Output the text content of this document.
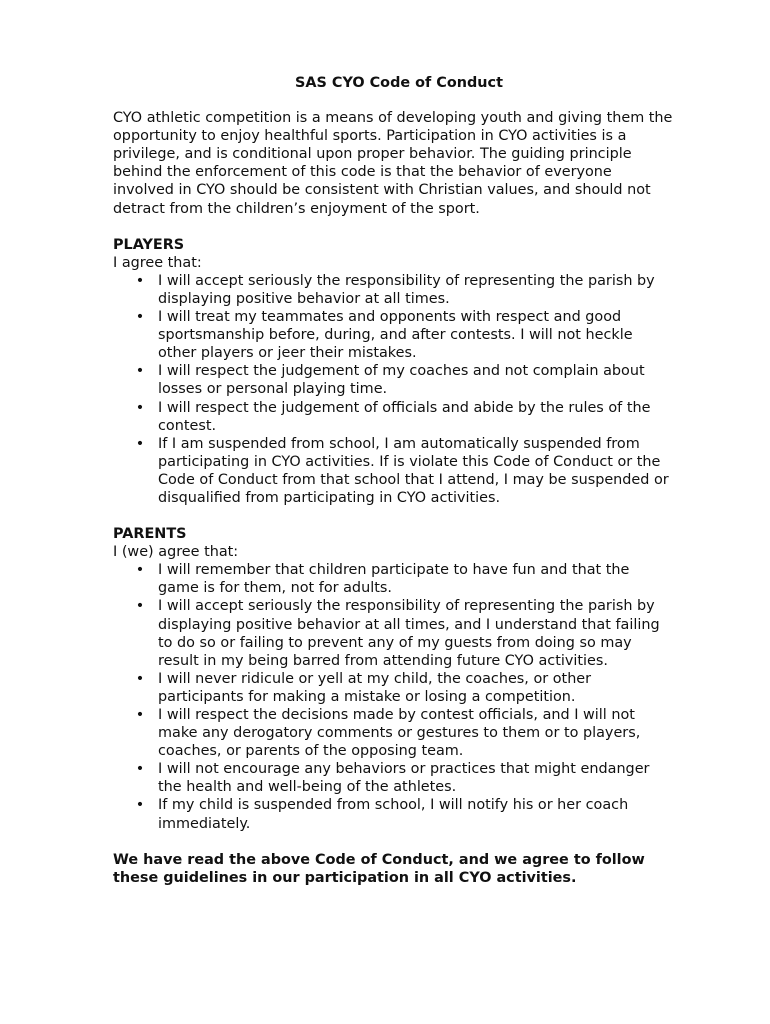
SAS CYO Code of Conduct

CYO athletic competition is a means of developing youth and giving them the opportunity to enjoy healthful sports. Participation in CYO activities is a privilege, and is conditional upon proper behavior. The guiding principle behind the enforcement of this code is that the behavior of everyone involved in CYO should be consistent with Christian values, and should not detract from the children’s enjoyment of the sport.

PLAYERS

I agree that:

• I will accept seriously the responsibility of representing the parish by displaying positive behavior at all times.
• I will treat my teammates and opponents with respect and good sportsmanship before, during, and after contests. I will not heckle other players or jeer their mistakes.
• I will respect the judgement of my coaches and not complain about losses or personal playing time.
• I will respect the judgement of officials and abide by the rules of the contest.
• If I am suspended from school, I am automatically suspended from participating in CYO activities. If is violate this Code of Conduct or the Code of Conduct from that school that I attend, I may be suspended or disqualified from participating in CYO activities.

PARENTS

I (we) agree that:

• I will remember that children participate to have fun and that the game is for them, not for adults.
• I will accept seriously the responsibility of representing the parish by displaying positive behavior at all times, and I understand that failing to do so or failing to prevent any of my guests from doing so may result in my being barred from attending future CYO activities.
• I will never ridicule or yell at my child, the coaches, or other participants for making a mistake or losing a competition.
• I will respect the decisions made by contest officials, and I will not make any derogatory comments or gestures to them or to players, coaches, or parents of the opposing team.
• I will not encourage any behaviors or practices that might endanger the health and well-being of the athletes.
• If my child is suspended from school, I will notify his or her coach immediately.

We have read the above Code of Conduct, and we agree to follow these guidelines in our participation in all CYO activities.
